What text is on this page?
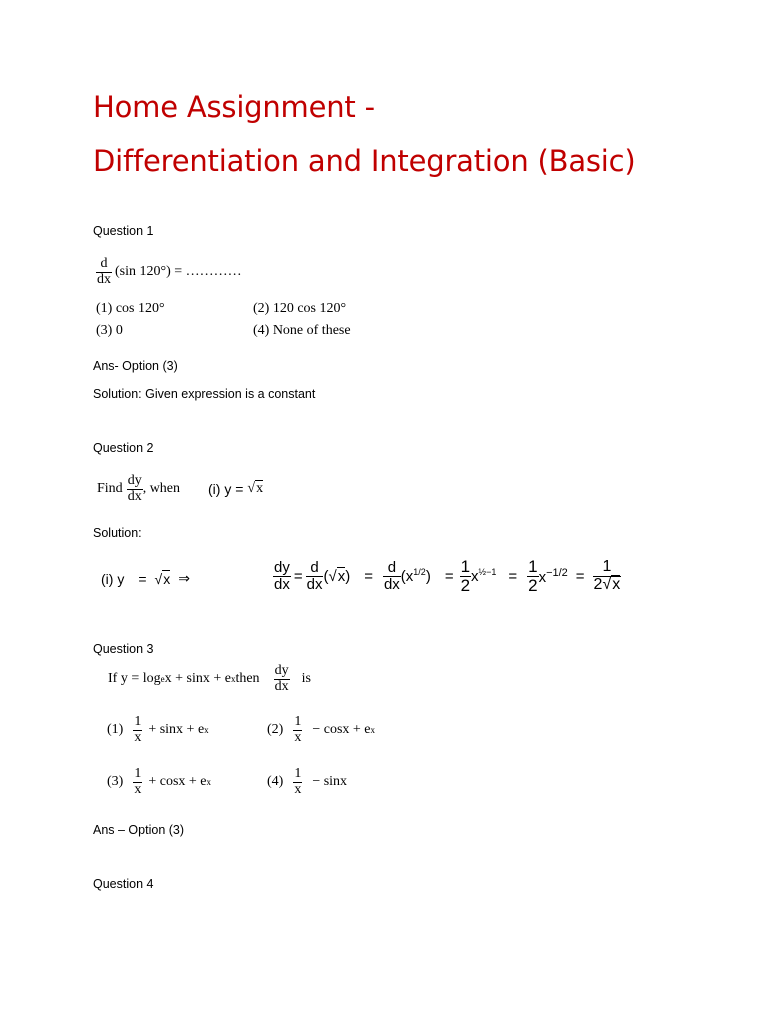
Home Assignment -
Differentiation and Integration (Basic)
Question 1
$\frac{d}{dx} (\sin$ 120°) = …………
(1) cos 120°	(2) 120 cos 120°
(3) 0	(4) None of these
Ans- Option (3)
Solution: Given expression is a constant
Question 2
Find $\frac{dy}{dx}$ , when (i) y = √x
Solution:
(i) y = √x ⇒	$\frac{dy}{dx} = \frac{d}{dx} (√x) = \frac{d}{dx} (x^{1/2}) = \frac{1}{2} x^{\frac{1}{2}-1} = \frac{1}{2} x^{-1/2} = \frac{1}{2√x}$
Question 3
If y = log e x + sinx + e x then $\frac{dy}{dx}$ is
$(1) \frac{1}{x} + \sin x + e$ x	$(2) \frac{1}{x} - \cos x + e$ x
$(3) \frac{1}{x} + \cos x + e$ x	$(4) \frac{1}{x} - \sin x$
Ans – Option (3)
Question 4
